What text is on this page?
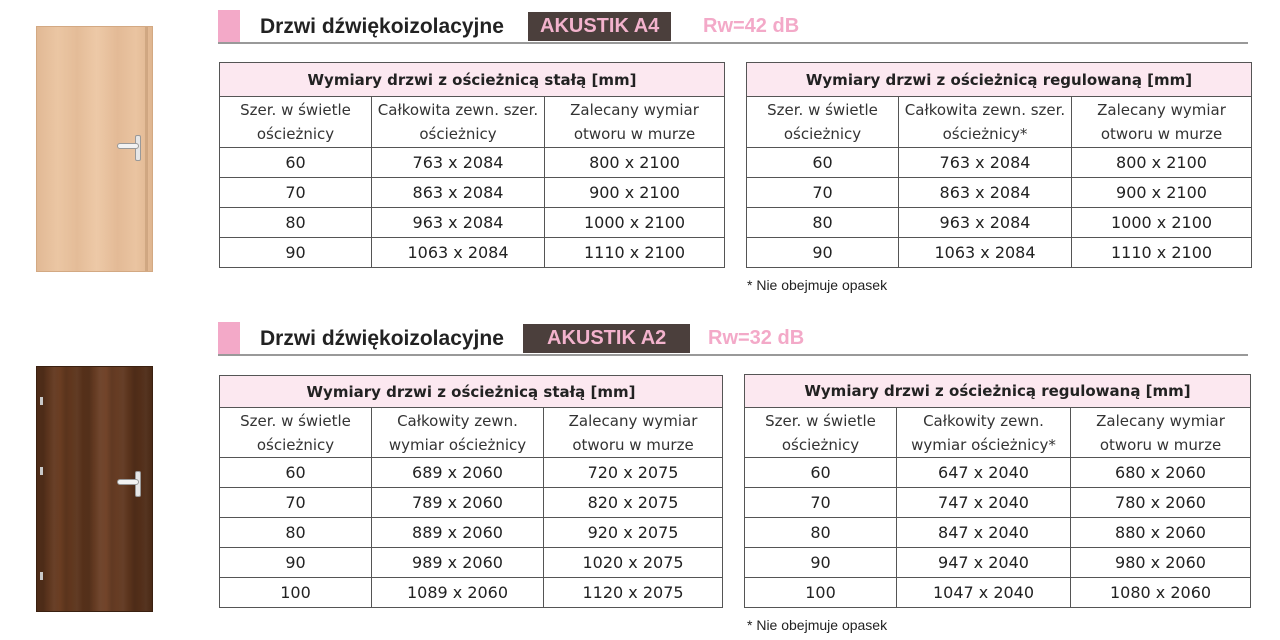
Drzwi dźwiękoizolacyjne	AKUSTIK A4	Rw=42 dB
Wymiary drzwi z ościeżnicą stałą [mm]		
Szer. w świetle ościeżnicy	Całkowita zewn. szer. ościeżnicy	Zalecany wymiar otworu w murze
60	763 x 2084	800 x 2100
70	863 x 2084	900 x 2100
80	963 x 2084	1000 x 2100
90	1063 x 2084	1110 x 2100
Wymiary drzwi z ościeżnicą regulowaną [mm]		
Szer. w świetle ościeżnicy	Całkowita zewn. szer. ościeżnicy*	Zalecany wymiar otworu w murze
60	763 x 2084	800 x 2100
70	863 x 2084	900 x 2100
80	963 x 2084	1000 x 2100
90	1063 x 2084	1110 x 2100
* Nie obejmuje opasek
Drzwi dźwiękoizolacyjne	AKUSTIK A2	Rw=32 dB
Wymiary drzwi z ościeżnicą stałą [mm]		
Szer. w świetle ościeżnicy	Całkowity zewn. wymiar ościeżnicy	Zalecany wymiar otworu w murze
60	689 x 2060	720 x 2075
70	789 x 2060	820 x 2075
80	889 x 2060	920 x 2075
90	989 x 2060	1020 x 2075
100	1089 x 2060	1120 x 2075
Wymiary drzwi z ościeżnicą regulowaną [mm]		
Szer. w świetle ościeżnicy	Całkowity zewn. wymiar ościeżnicy*	Zalecany wymiar otworu w murze
60	647 x 2040	680 x 2060
70	747 x 2040	780 x 2060
80	847 x 2040	880 x 2060
90	947 x 2040	980 x 2060
100	1047 x 2040	1080 x 2060
* Nie obejmuje opasek
